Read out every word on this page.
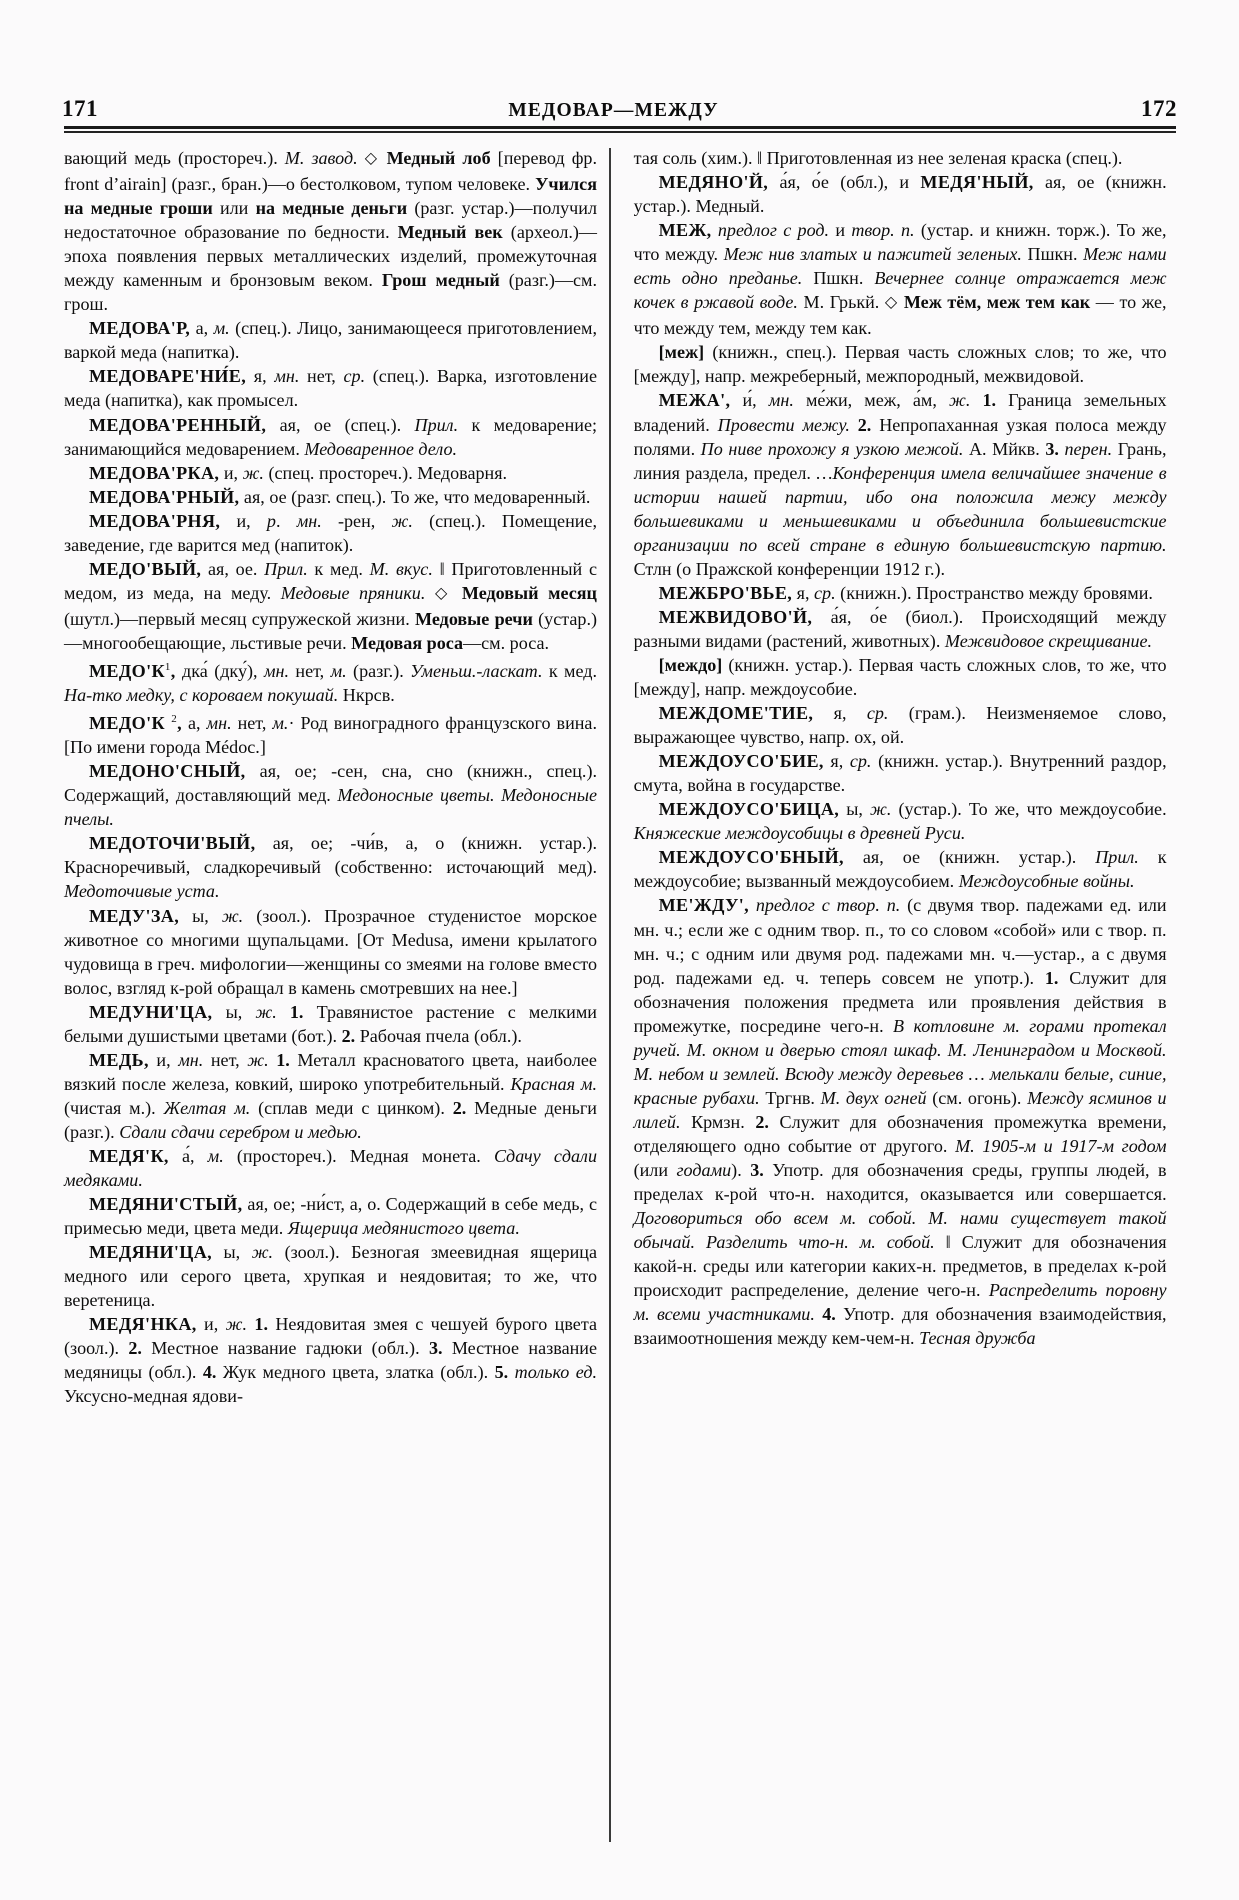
171	МЕДОВАР—МЕЖДУ	172

вающий медь (простореч.). М. завод. ◇ Медный лоб [перевод фр. front d’airain] (разг., бран.)—о бестолковом, тупом человеке. Учился на медные гроши или на медные деньги (разг. устар.)—получил недостаточное образование по бедности. Медный век (археол.)—эпоха появления первых металлических изделий, промежуточная между каменным и бронзовым веком. Грош медный (разг.)—см. грош.

МЕДОВА'Р, а, м. (спец.). Лицо, занимающееся приготовлением, варкой меда (напитка).

МЕДОВАРЕ'НИ́Е, я, мн. нет, ср. (спец.). Варка, изготовление меда (напитка), как промысел.

МЕДОВА'РЕННЫЙ, ая, ое (спец.). Прил. к медоварение; занимающийся медоварением. Медоваренное дело.

МЕДОВА'РКА, и, ж. (спец. простореч.). Медоварня.

МЕДОВА'РНЫЙ, ая, ое (разг. спец.). То же, что медоваренный.

МЕДОВА'РНЯ, и, р. мн. -рен, ж. (спец.). Помещение, заведение, где варится мед (напиток).

МЕДО'ВЫЙ, ая, ое. Прил. к мед. М. вкус. ‖ Приготовленный с медом, из меда, на меду. Медовые пряники. ◇ Медовый месяц (шутл.)—первый месяц супружеской жизни. Медовые речи (устар.)—многообещающие, льстивые речи. Медовая роса—см. роса.

$МЕДО'К^1$, дка́ (дку́), мн. нет, м. (разг.). Уменьш.-ласкат. к мед. На-тко медку, с короваем покушай. Нкрсв.

МЕДО'К $^2$, а, мн. нет, м.· Род виноградного французского вина. [По имени города Médoc.]

МЕДОНО'СНЫЙ, ая, ое; -сен, сна, сно (книжн., спец.). Содержащий, доставляющий мед. Медоносные цветы. Медоносные пчелы.

МЕДОТОЧИ'ВЫЙ, ая, ое; -чи́в, а, о (книжн. устар.). Красноречивый, сладкоречивый (собственно: источающий мед). Медоточивые уста.

МЕДУ'ЗА, ы, ж. (зоол.). Прозрачное студенистое морское животное со многими щупальцами. [От Medusa, имени крылатого чудовища в греч. мифологии—женщины со змеями на голове вместо волос, взгляд к-рой обращал в камень смотревших на нее.]

МЕДУНИ'ЦА, ы, ж. 1. Травянистое растение с мелкими белыми душистыми цветами (бот.). 2. Рабочая пчела (обл.).

МЕДЬ, и, мн. нет, ж. 1. Металл красноватого цвета, наиболее вязкий после железа, ковкий, широко употребительный. Красная м. (чистая м.). Желтая м. (сплав меди с цинком). 2. Медные деньги (разг.). Сдали сдачи серебром и медью.

МЕДЯ'К, а́, м. (простореч.). Медная монета. Сдачу сдали медяками.

МЕДЯНИ'СТЫЙ, ая, ое; -ни́ст, а, о. Содержащий в себе медь, с примесью меди, цвета меди. Ящерица медянистого цвета.

МЕДЯНИ'ЦА, ы, ж. (зоол.). Безногая змеевидная ящерица медного или серого цвета, хрупкая и неядовитая; то же, что веретеница.

МЕДЯ'НКА, и, ж. 1. Неядовитая змея с чешуей бурого цвета (зоол.). 2. Местное название гадюки (обл.). 3. Местное название медяницы (обл.). 4. Жук медного цвета, златка (обл.). 5. только ед. Уксусно-медная ядови-

тая соль (хим.). ‖ Приготовленная из нее зеленая краска (спец.).

МЕДЯНО'Й, а́я, о́е (обл.), и МЕДЯ'НЫЙ, ая, ое (книжн. устар.). Медный.

МЕЖ, предлог с род. и твор. п. (устар. и книжн. торж.). То же, что между. Меж нив златых и пажитей зеленых. Пшкн. Меж нами есть одно преданье. Пшкн. Вечернее солнце отражается меж кочек в ржавой воде. М. Грькй. ◇ Меж тём, меж тем как — то же, что между тем, между тем как.

[меж] (книжн., спец.). Первая часть сложных слов; то же, что [между], напр. межреберный, межпородный, межвидовой.

МЕЖА', и́, мн. ме́жи, меж, а́м, ж. 1. Граница земельных владений. Провести межу. 2. Непропаханная узкая полоса между полями. По ниве прохожу я узкою межой. А. Мйкв. 3. перен. Грань, линия раздела, предел. …Конференция имела величайшее значение в истории нашей партии, ибо она положила межу между большевиками и меньшевиками и объединила большевистские организации по всей стране в единую большевистскую партию. Стлн (о Пражской конференции 1912 г.).

МЕЖБРО'ВЬЕ, я, ср. (книжн.). Пространство между бровями.

МЕЖВИДОВО'Й, а́я, о́е (биол.). Происходящий между разными видами (растений, животных). Межвидовое скрещивание.

[междо] (книжн. устар.). Первая часть сложных слов, то же, что [между], напр. междоусобие.

МЕЖДОМЕ'ТИЕ, я, ср. (грам.). Неизменяемое слово, выражающее чувство, напр. ох, ой.

МЕЖДОУСО'БИЕ, я, ср. (книжн. устар.). Внутренний раздор, смута, война в государстве.

МЕЖДОУСО'БИЦА, ы, ж. (устар.). То же, что междоусобие. Княжеские междоусобицы в древней Руси.

МЕЖДОУСО'БНЫЙ, ая, ое (книжн. устар.). Прил. к междоусобие; вызванный междоусобием. Междоусобные войны.

МЕ'ЖДУ', предлог с твор. п. (с двумя твор. падежами ед. или мн. ч.; если же с одним твор. п., то со словом «собой» или с твор. п. мн. ч.; с одним или двумя род. падежами мн. ч.—устар., а с двумя род. падежами ед. ч. теперь совсем не употр.). 1. Служит для обозначения положения предмета или проявления действия в промежутке, посредине чего-н. В котловине м. горами протекал ручей. М. окном и дверью стоял шкаф. М. Ленинградом и Москвой. М. небом и землей. Всюду между деревьев … мелькали белые, синие, красные рубахи. Тргнв. М. двух огней (см. огонь). Между ясминов и лилей. Крмзн. 2. Служит для обозначения промежутка времени, отделяющего одно событие от другого. М. 1905-м и 1917-м годом (или годами). 3. Употр. для обозначения среды, группы людей, в пределах к-рой что-н. находится, оказывается или совершается. Договориться обо всем м. собой. М. нами существует такой обычай. Разделить что-н. м. собой. ‖ Служит для обозначения какой-н. среды или категории каких-н. предметов, в пределах к-рой происходит распределение, деление чего-н. Распределить поровну м. всеми участниками. 4. Употр. для обозначения взаимодействия, взаимоотношения между кем-чем-н. Тесная дружба
